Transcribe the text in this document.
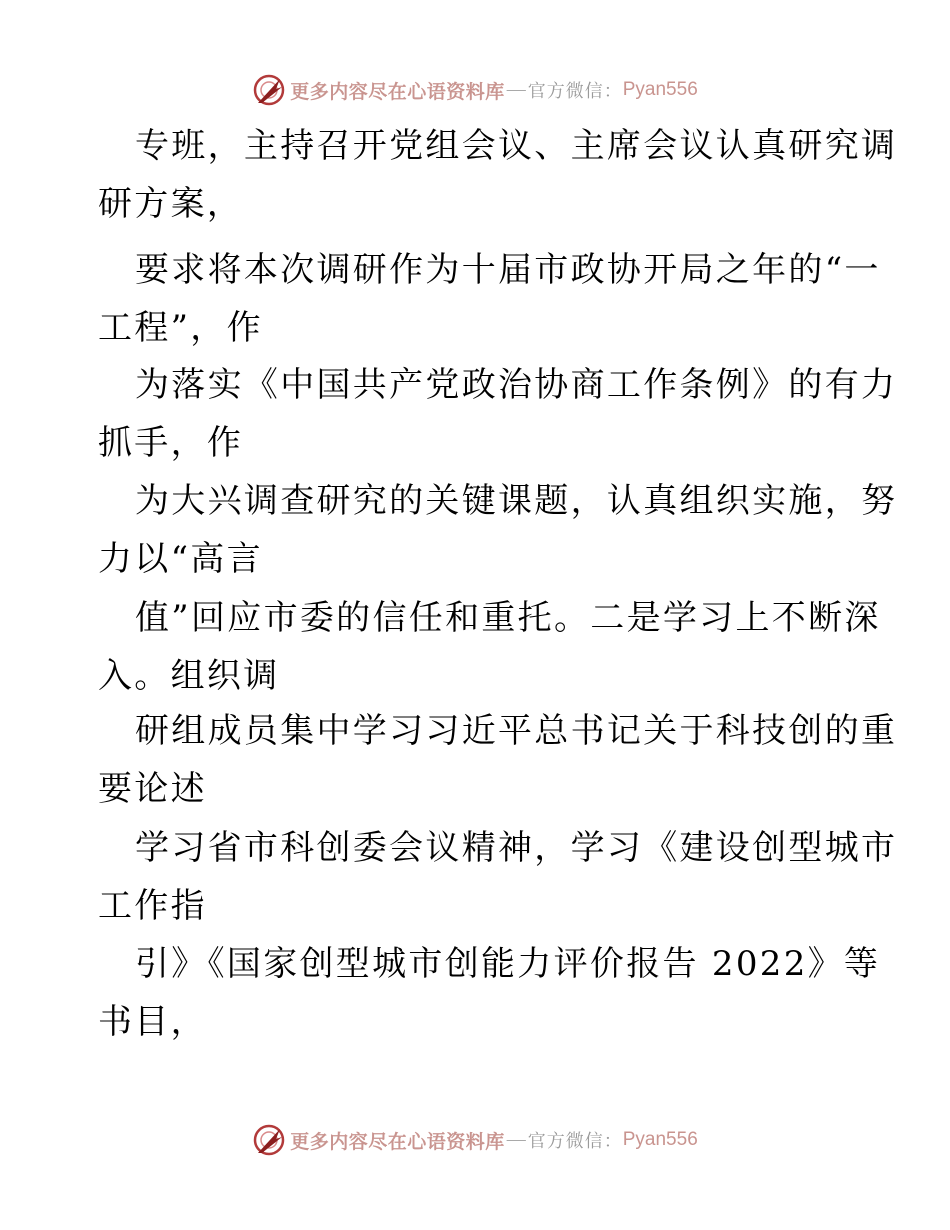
更多内容尽在心语资料库 — 官方微信： Pyan556
专班，主持召开党组会议、主席会议认真研究调
研方案，
要求将本次调研作为十届市政协开局之年的“一
工程”，作
为落实《中国共产党政治协商工作条例》的有力
抓手，作
为大兴调查研究的关键课题，认真组织实施，努
力以“高言
值”回应市委的信任和重托。二是学习上不断深
入。组织调
研组成员集中学习习近平总书记关于科技创的重
要论述
学习省市科创委会议精神，学习《建设创型城市
工作指
引》《国家创型城市创能力评价报告 2022》等
书目，
更多内容尽在心语资料库 — 官方微信： Pyan556
